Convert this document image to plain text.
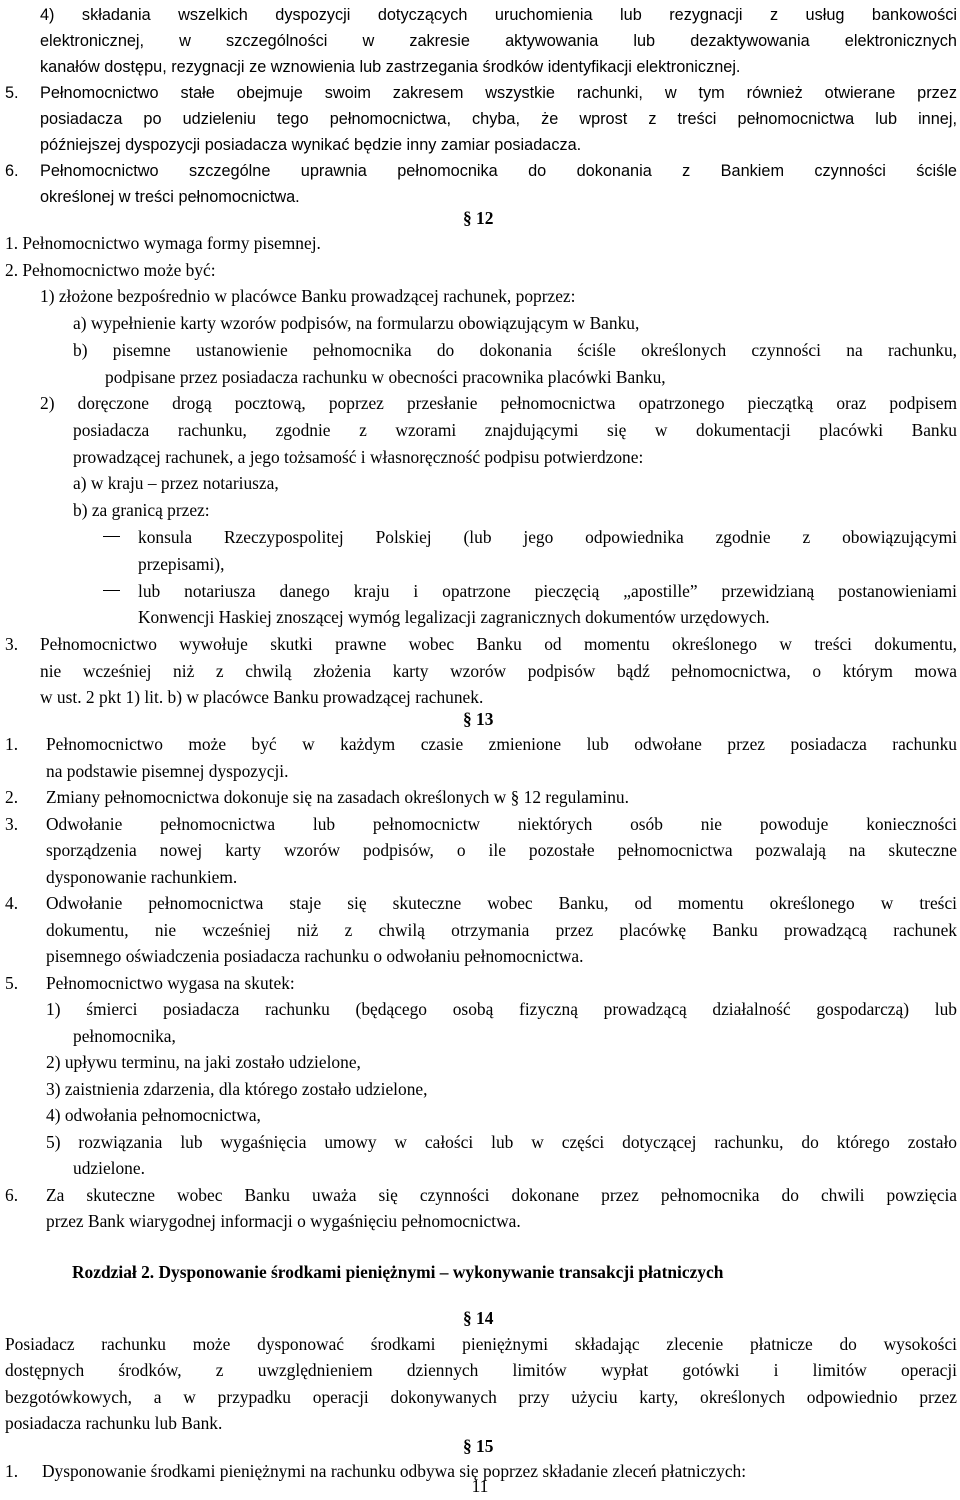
4) składania wszelkich dyspozycji dotyczących uruchomienia lub rezygnacji z usług bankowości
elektronicznej, w szczególności w zakresie aktywowania lub dezaktywowania elektronicznych
kanałów dostępu, rezygnacji ze wznowienia lub zastrzegania środków identyfikacji elektronicznej.
5. Pełnomocnictwo stałe obejmuje swoim zakresem wszystkie rachunki, w tym również otwierane przez
posiadacza po udzieleniu tego pełnomocnictwa, chyba, że wprost z treści pełnomocnictwa lub innej,
późniejszej dyspozycji posiadacza wynikać będzie inny zamiar posiadacza.
6. Pełnomocnictwo szczególne uprawnia pełnomocnika do dokonania z Bankiem czynności ściśle
określonej w treści pełnomocnictwa.
§ 12
1. Pełnomocnictwo wymaga formy pisemnej.
2. Pełnomocnictwo może być:
1) złożone bezpośrednio w placówce Banku prowadzącej rachunek, poprzez:
a) wypełnienie karty wzorów podpisów, na formularzu obowiązującym w Banku,
b) pisemne ustanowienie pełnomocnika do dokonania ściśle określonych czynności na rachunku,
podpisane przez posiadacza rachunku w obecności pracownika placówki Banku,
2) doręczone drogą pocztową, poprzez przesłanie pełnomocnictwa opatrzonego pieczątką oraz podpisem
posiadacza rachunku, zgodnie z wzorami znajdującymi się w dokumentacji placówki Banku
prowadzącej rachunek, a jego tożsamość i własnoręczność podpisu potwierdzone:
a) w kraju – przez notariusza,
b) za granicą przez:
konsula Rzeczypospolitej Polskiej (lub jego odpowiednika zgodnie z obowiązującymi
przepisami),
lub notariusza danego kraju i opatrzone pieczęcią „apostille” przewidzianą postanowieniami
Konwencji Haskiej znoszącej wymóg legalizacji zagranicznych dokumentów urzędowych.
3. Pełnomocnictwo wywołuje skutki prawne wobec Banku od momentu określonego w treści dokumentu,
nie wcześniej niż z chwilą złożenia karty wzorów podpisów bądź pełnomocnictwa, o którym mowa
w ust. 2 pkt 1) lit. b) w placówce Banku prowadzącej rachunek.
§ 13
1. Pełnomocnictwo może być w każdym czasie zmienione lub odwołane przez posiadacza rachunku
na podstawie pisemnej dyspozycji.
2. Zmiany pełnomocnictwa dokonuje się na zasadach określonych w § 12 regulaminu.
3. Odwołanie pełnomocnictwa lub pełnomocnictw niektórych osób nie powoduje konieczności
sporządzenia nowej karty wzorów podpisów, o ile pozostałe pełnomocnictwa pozwalają na skuteczne
dysponowanie rachunkiem.
4. Odwołanie pełnomocnictwa staje się skuteczne wobec Banku, od momentu określonego w treści
dokumentu, nie wcześniej niż z chwilą otrzymania przez placówkę Banku prowadzącą rachunek
pisemnego oświadczenia posiadacza rachunku o odwołaniu pełnomocnictwa.
5. Pełnomocnictwo wygasa na skutek:
1) śmierci posiadacza rachunku (będącego osobą fizyczną prowadzącą działalność gospodarczą) lub
pełnomocnika,
2) upływu terminu, na jaki zostało udzielone,
3) zaistnienia zdarzenia, dla którego zostało udzielone,
4) odwołania pełnomocnictwa,
5) rozwiązania lub wygaśnięcia umowy w całości lub w części dotyczącej rachunku, do którego zostało
udzielone.
6. Za skuteczne wobec Banku uważa się czynności dokonane przez pełnomocnika do chwili powzięcia
przez Bank wiarygodnej informacji o wygaśnięciu pełnomocnictwa.
Rozdział 2. Dysponowanie środkami pieniężnymi – wykonywanie transakcji płatniczych
§ 14
Posiadacz rachunku może dysponować środkami pieniężnymi składając zlecenie płatnicze do wysokości
dostępnych środków, z uwzględnieniem dziennych limitów wypłat gotówki i limitów operacji
bezgotówkowych, a w przypadku operacji dokonywanych przy użyciu karty, określonych odpowiednio przez
posiadacza rachunku lub Bank.
§ 15
1. Dysponowanie środkami pieniężnymi na rachunku odbywa się poprzez składanie zleceń płatniczych:
11
